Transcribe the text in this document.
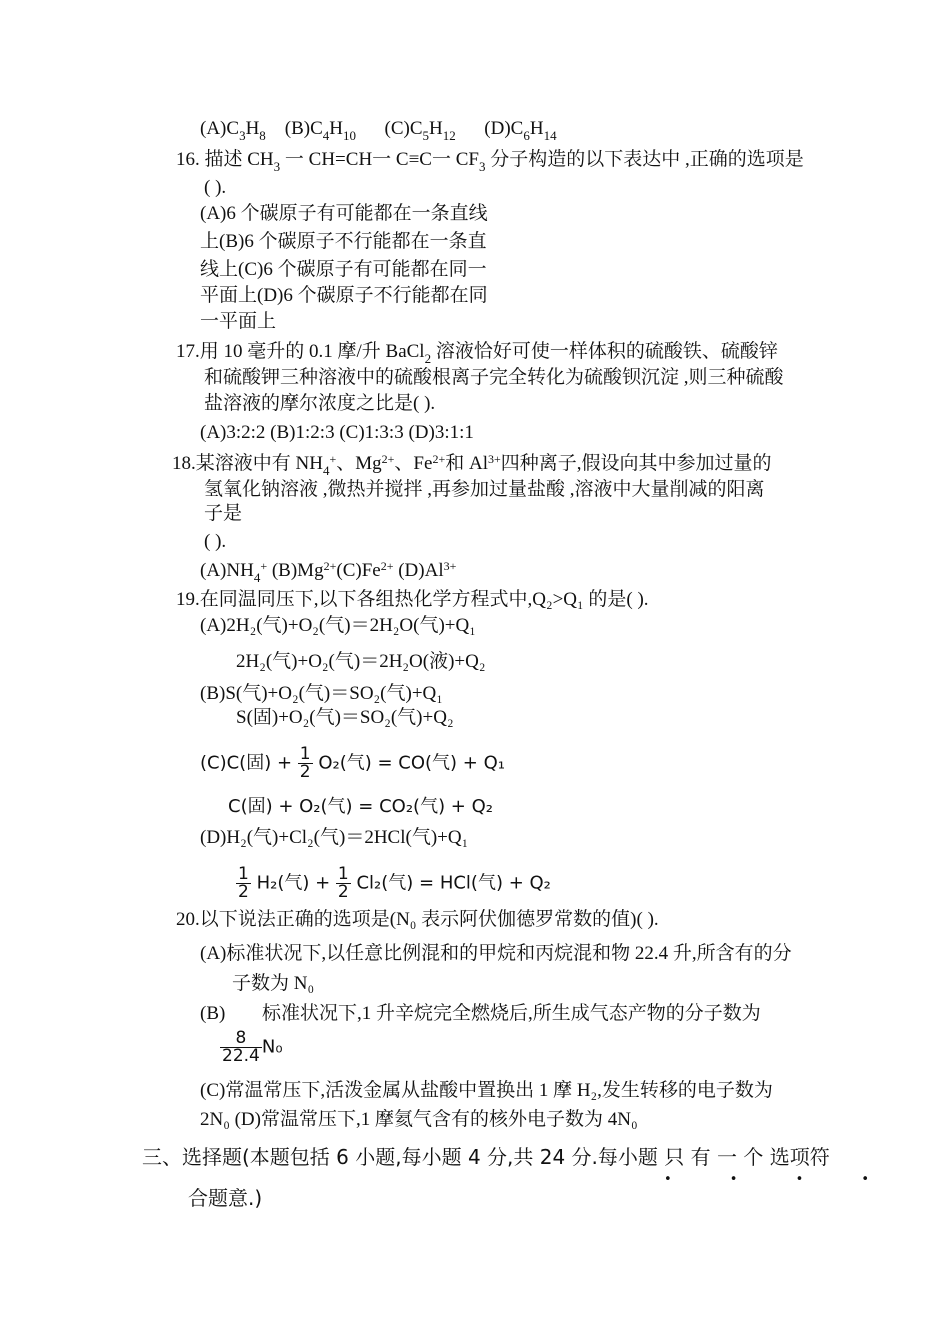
$(A)C_3H_8$    $(B)C_4H_{10}$      $(C)C_5H_{12}$      $(D)C_6H_{14}$
16. 描述 $CH_3$ 一 CH=CH一 C≡C一 $CF_3$ 分子构造的以下表达中 ,正确的选项是
( ).
(A)6 个碳原子有可能都在一条直线
上(B)6 个碳原子不行能都在一条直
线上(C)6 个碳原子有可能都在同一
平面上(D)6 个碳原子不行能都在同
一平面上
17.用 10 毫升的 0.1 摩/升 BaCl$_2$ 溶液恰好可使一样体积的硫酸铁、硫酸锌
和硫酸钾三种溶液中的硫酸根离子完全转化为硫酸钡沉淀 ,则三种硫酸
盐溶液的摩尔浓度之比是( ).
(A)3:2:2 (B)1:2:3 (C)1:3:3 (D)3:1:1
18.某溶液中有 $NH_4^+$、$Mg^{2+}$、$Fe^{2+}$和 $Al^{3+}$四种离子,假设向其中参加过量的
氢氧化钠溶液 ,微热并搅拌 ,再参加过量盐酸 ,溶液中大量削减的阳离
子是
( ).
$(A)NH_4^+$ $(B)Mg^{2+}(C)Fe^{2+}$ $(D)Al^{3+}$
19.在同温同压下,以下各组热化学方程式中,Q₂>Q₁ 的是( ).
(A)2H₂(气)+O₂(气)＝2H₂O(气)+Q₁
2H₂(气)+O₂(气)＝2H₂O(液)+Q₂
(B)S(气)+O₂(气)＝SO₂(气)+Q₁
S(固)+O₂(气)＝SO₂(气)+Q₂
(C)C(固) + $\frac{1}{2} O_2$(气) = CO(气) + Q₁
C(固) + O₂(气) = CO₂(气) + Q₂
(D)H₂(气)+Cl₂(气)＝2HCl(气)+Q₁
$\frac{1}{2} H_2$(气) + $\frac{1}{2} Cl_2$(气) = HCl(气) + Q₂
20.以下说法正确的选项是(N₀ 表示阿伏伽德罗常数的值)( ).
(A)标准状况下,以任意比例混和的甲烷和丙烷混和物 22.4 升,所含有的分
子数为 N₀
(B) 标准状况下,1 升辛烷完全燃烧后,所生成气态产物的分子数为
$\frac{8}{22.4} N_0$
(C)常温常压下,活泼金属从盐酸中置换出 1 摩 H₂,发生转移的电子数为
2N₀ (D)常温常压下,1 摩氦气含有的核外电子数为 4N₀
三、选择题(本题包括 6 小题,每小题 4 分,共 24 分.每小题 只 有 一 个 选项符
• • • •
合题意.)
